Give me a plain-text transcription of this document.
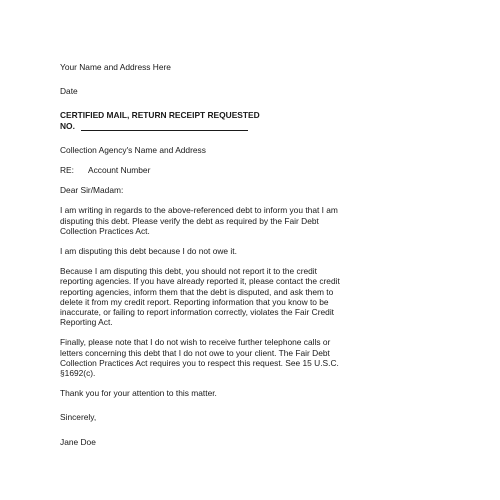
Your Name and Address Here

Date

CERTIFIED MAIL, RETURN RECEIPT REQUESTED

NO.

Collection Agency's Name and Address

RE:	Account Number

Dear Sir/Madam:

I am writing in regards to the above-referenced debt to inform you that I am

disputing this debt. Please verify the debt as required by the Fair Debt

Collection Practices Act.

I am disputing this debt because I do not owe it.

Because I am disputing this debt, you should not report it to the credit

reporting agencies. If you have already reported it, please contact the credit

reporting agencies, inform them that the debt is disputed, and ask them to

delete it from my credit report. Reporting information that you know to be

inaccurate, or failing to report information correctly, violates the Fair Credit

Reporting Act.

Finally, please note that I do not wish to receive further telephone calls or

letters concerning this debt that I do not owe to your client. The Fair Debt

Collection Practices Act requires you to respect this request. See 15 U.S.C.

§1692(c).

Thank you for your attention to this matter.

Sincerely,

Jane Doe
